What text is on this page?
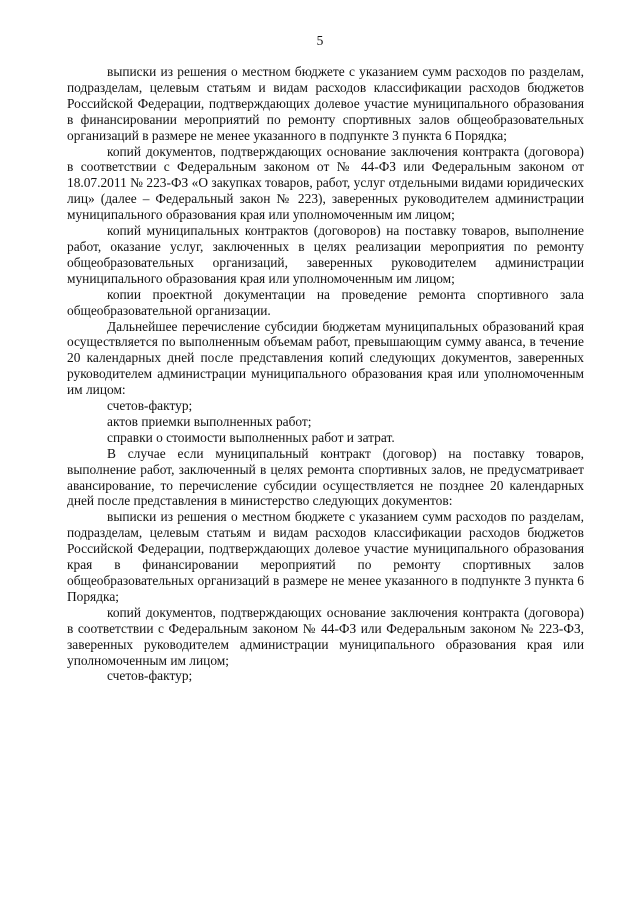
5

выписки из решения о местном бюджете с указанием сумм расходов по разделам, подразделам, целевым статьям и видам расходов классификации расходов бюджетов Российской Федерации, подтверждающих долевое участие муниципального образования в финансировании мероприятий по ремонту спортивных залов общеобразовательных организаций в размере не менее указанного в подпункте 3 пункта 6 Порядка;

копий документов, подтверждающих основание заключения контракта (договора) в соответствии с Федеральным законом от № 44-ФЗ или Федеральным законом от 18.07.2011 № 223-ФЗ «О закупках товаров, работ, услуг отдельными видами юридических лиц» (далее – Федеральный закон № 223), заверенных руководителем администрации муниципального образования края или уполномоченным им лицом;

копий муниципальных контрактов (договоров) на поставку товаров, выполнение работ, оказание услуг, заключенных в целях реализации мероприятия по ремонту общеобразовательных организаций, заверенных руководителем администрации муниципального образования края или уполномоченным им лицом;

копии проектной документации на проведение ремонта спортивного зала общеобразовательной организации.

Дальнейшее перечисление субсидии бюджетам муниципальных образований края осуществляется по выполненным объемам работ, превышающим сумму аванса, в течение 20 календарных дней после представления копий следующих документов, заверенных руководителем администрации муниципального образования края или уполномоченным им лицом:

счетов-фактур;

актов приемки выполненных работ;

справки о стоимости выполненных работ и затрат.

В случае если муниципальный контракт (договор) на поставку товаров, выполнение работ, заключенный в целях ремонта спортивных залов, не предусматривает авансирование, то перечисление субсидии осуществляется не позднее 20 календарных дней после представления в министерство следующих документов:

выписки из решения о местном бюджете с указанием сумм расходов по разделам, подразделам, целевым статьям и видам расходов классификации расходов бюджетов Российской Федерации, подтверждающих долевое участие муниципального образования края в финансировании мероприятий по ремонту спортивных залов общеобразовательных организаций в размере не менее указанного в подпункте 3 пункта 6 Порядка;

копий документов, подтверждающих основание заключения контракта (договора) в соответствии с Федеральным законом № 44-ФЗ или Федеральным законом № 223-ФЗ, заверенных руководителем администрации муниципального образования края или уполномоченным им лицом;

счетов-фактур;
